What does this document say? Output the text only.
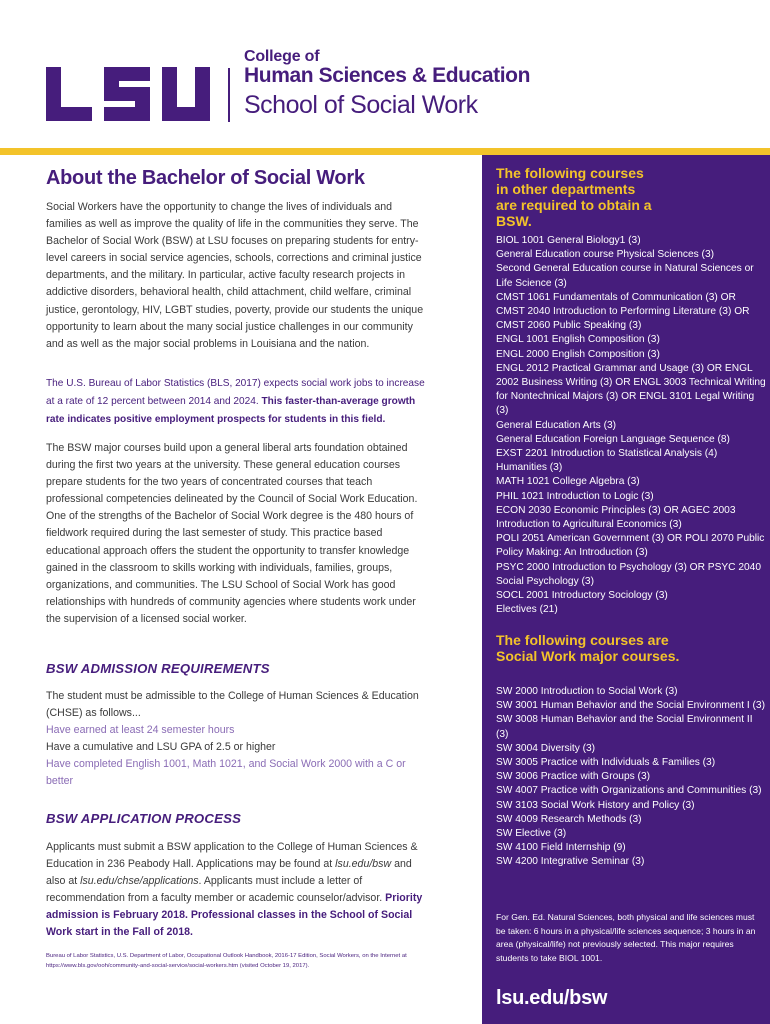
College of
Human Sciences & Education
School of Social Work
About the Bachelor of Social Work

Social Workers have the opportunity to change the lives of individuals and families as well as improve the quality of life in the communities they serve. The Bachelor of Social Work (BSW) at LSU focuses on preparing students for entry-level careers in social service agencies, schools, corrections and criminal justice departments, and the military. In particular, active faculty research projects in addictive disorders, behavioral health, child attachment, child welfare, criminal justice, gerontology, HIV, LGBT studies, poverty, provide our students the unique opportunity to learn about the many social justice challenges in our community and as well as the major social problems in Louisiana and the nation.

The U.S. Bureau of Labor Statistics (BLS, 2017) expects social work jobs to increase at a rate of 12 percent between 2014 and 2024. This faster-than-average growth rate indicates positive employment prospects for students in this field.

The BSW major courses build upon a general liberal arts foundation obtained during the first two years at the university. These general education courses prepare students for the two years of concentrated courses that teach professional competencies delineated by the Council of Social Work Education. One of the strengths of the Bachelor of Social Work degree is the 480 hours of fieldwork required during the last semester of study. This practice based educational approach offers the student the opportunity to transfer knowledge gained in the classroom to skills working with individuals, families, groups, organizations, and communities. The LSU School of Social Work has good relationships with hundreds of community agencies where students work under the supervision of a licensed social worker.

BSW ADMISSION REQUIREMENTS
The student must be admissible to the College of Human Sciences & Education (CHSE) as follows...
Have earned at least 24 semester hours
Have a cumulative and LSU GPA of 2.5 or higher
Have completed English 1001, Math 1021, and Social Work 2000 with a C or better
BSW APPLICATION PROCESS

Applicants must submit a BSW application to the College of Human Sciences & Education in 236 Peabody Hall. Applications may be found at lsu.edu/bsw and also at lsu.edu/chse/applications. Applicants must include a letter of recommendation from a faculty member or academic counselor/advisor. Priority admission is February 2018. Professional classes in the School of Social Work start in the Fall of 2018.

Bureau of Labor Statistics, U.S. Department of Labor, Occupational Outlook Handbook, 2016-17 Edition, Social Workers, on the Internet at https://www.bls.gov/ooh/community-and-social-service/social-workers.htm (visited October 19, 2017).

The following courses in other departments are required to obtain a BSW.
BIOL 1001 General Biology1 (3)
General Education course Physical Sciences (3)
Second General Education course in Natural Sciences or Life Science (3)
CMST 1061 Fundamentals of Communication (3) OR CMST 2040 Introduction to Performing Literature (3) OR CMST 2060 Public Speaking (3)
ENGL 1001 English Composition (3)
ENGL 2000 English Composition (3)
ENGL 2012 Practical Grammar and Usage (3) OR ENGL 2002 Business Writing (3) OR ENGL 3003 Technical Writing for Nontechnical Majors (3) OR ENGL 3101 Legal Writing (3)
General Education Arts (3)
General Education Foreign Language Sequence (8)
EXST 2201 Introduction to Statistical Analysis (4)
Humanities (3)
MATH 1021 College Algebra (3)
PHIL 1021 Introduction to Logic (3)
ECON 2030 Economic Principles (3) OR AGEC 2003 Introduction to Agricultural Economics (3)
POLI 2051 American Government (3) OR POLI 2070 Public Policy Making: An Introduction (3)
PSYC 2000 Introduction to Psychology (3) OR PSYC 2040 Social Psychology (3)
SOCL 2001 Introductory Sociology (3)
Electives (21)
The following courses are Social Work major courses.
SW 2000 Introduction to Social Work (3)
SW 3001 Human Behavior and the Social Environment I (3)
SW 3008 Human Behavior and the Social Environment II (3)
SW 3004 Diversity (3)
SW 3005 Practice with Individuals & Families (3)
SW 3006 Practice with Groups (3)
SW 4007 Practice with Organizations and Communities (3)
SW 3103 Social Work History and Policy (3)
SW 4009 Research Methods (3)
SW Elective (3)
SW 4100 Field Internship (9)
SW 4200 Integrative Seminar (3)

For Gen. Ed. Natural Sciences, both physical and life sciences must be taken: 6 hours in a physical/life sciences sequence; 3 hours in an area (physical/life) not previously selected. This major requires students to take BIOL 1001.

lsu.edu/bsw
